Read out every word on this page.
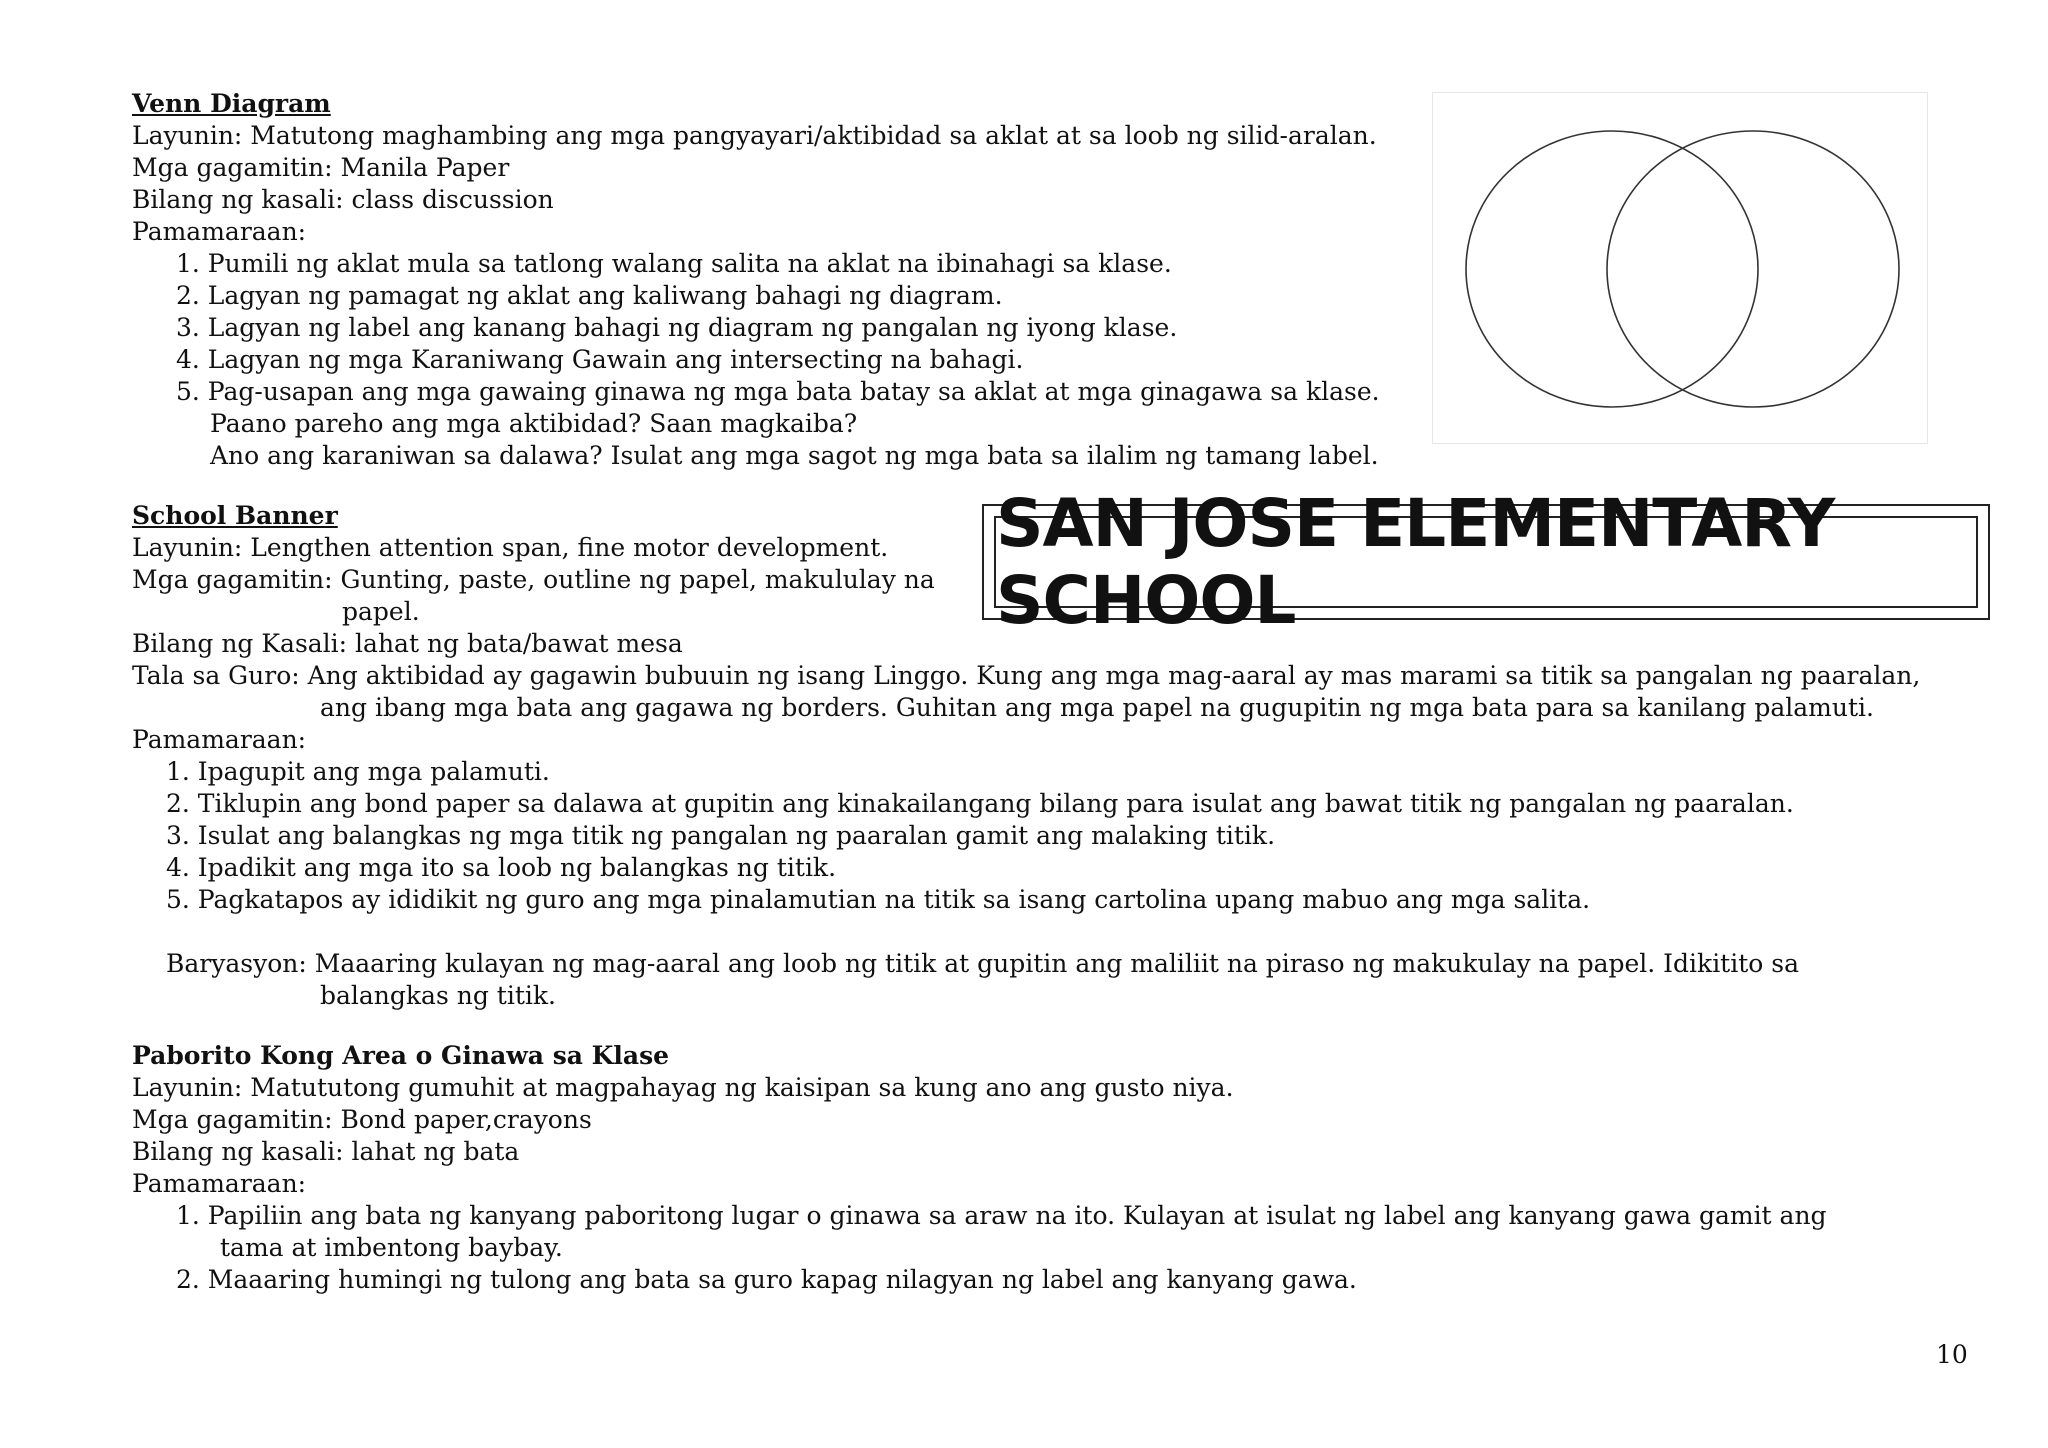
Venn Diagram
Layunin: Matutong maghambing ang mga pangyayari/aktibidad sa aklat at sa loob ng silid-aralan.
Mga gagamitin: Manila Paper
Bilang ng kasali: class discussion
Pamamaraan:
1. Pumili ng aklat mula sa tatlong walang salita na aklat na ibinahagi sa klase.
2. Lagyan ng pamagat ng aklat ang kaliwang bahagi ng diagram.
3. Lagyan ng label ang kanang bahagi ng diagram ng pangalan ng iyong klase.
4. Lagyan ng mga Karaniwang Gawain ang intersecting na bahagi.
5. Pag-usapan ang mga gawaing ginawa ng mga bata batay sa aklat at mga ginagawa sa klase.
Paano pareho ang mga aktibidad? Saan magkaiba?
Ano ang karaniwan sa dalawa? Isulat ang mga sagot ng mga bata sa ilalim ng tamang label.
School Banner
Layunin: Lengthen attention span, fine motor development.
Mga gagamitin: Gunting, paste, outline ng papel, makululay na
papel.
Bilang ng Kasali: lahat ng bata/bawat mesa
Tala sa Guro: Ang aktibidad ay gagawin bubuuin ng isang Linggo. Kung ang mga mag-aaral ay mas marami sa titik sa pangalan ng paaralan,
ang ibang mga bata ang gagawa ng borders. Guhitan ang mga papel na gugupitin ng mga bata para sa kanilang palamuti.
Pamamaraan:
1. Ipagupit ang mga palamuti.
2. Tiklupin ang bond paper sa dalawa at gupitin ang kinakailangang bilang para isulat ang bawat titik ng pangalan ng paaralan.
3. Isulat ang balangkas ng mga titik ng pangalan ng paaralan gamit ang malaking titik.
4. Ipadikit ang mga ito sa loob ng balangkas ng titik.
5. Pagkatapos ay ididikit ng guro ang mga pinalamutian na titik sa isang cartolina upang mabuo ang mga salita.
Baryasyon: Maaaring kulayan ng mag-aaral ang loob ng titik at gupitin ang maliliit na piraso ng makukulay na papel. Idikitito sa
balangkas ng titik.
SAN JOSE ELEMENTARY SCHOOL
Paborito Kong Area o Ginawa sa Klase
Layunin: Matututong gumuhit at magpahayag ng kaisipan sa kung ano ang gusto niya.
Mga gagamitin: Bond paper,crayons
Bilang ng kasali: lahat ng bata
Pamamaraan:
1. Papiliin ang bata ng kanyang paboritong lugar o ginawa sa araw na ito. Kulayan at isulat ng label ang kanyang gawa gamit ang
tama at imbentong baybay.
2. Maaaring humingi ng tulong ang bata sa guro kapag nilagyan ng label ang kanyang gawa.
10
